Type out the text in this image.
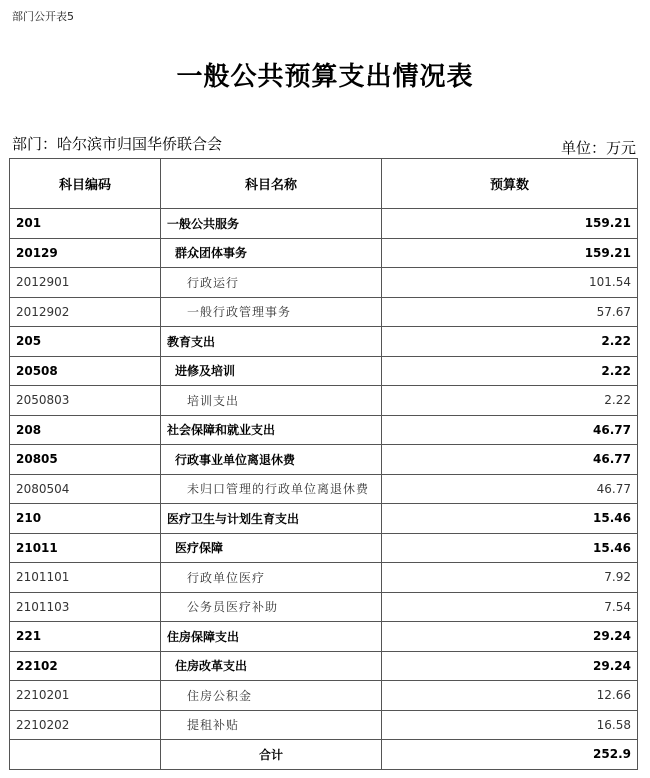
部门公开表5
一般公共预算支出情况表
部门：哈尔滨市归国华侨联合会	单位：万元
科目编码	科目名称	预算数
201	一般公共服务	159.21
20129	群众团体事务	159.21
2012901	行政运行	101.54
2012902	一般行政管理事务	57.67
205	教育支出	2.22
20508	进修及培训	2.22
2050803	培训支出	2.22
208	社会保障和就业支出	46.77
20805	行政事业单位离退休费	46.77
2080504	未归口管理的行政单位离退休费	46.77
210	医疗卫生与计划生育支出	15.46
21011	医疗保障	15.46
2101101	行政单位医疗	7.92
2101103	公务员医疗补助	7.54
221	住房保障支出	29.24
22102	住房改革支出	29.24
2210201	住房公积金	12.66
2210202	提租补贴	16.58
	合计	252.9
